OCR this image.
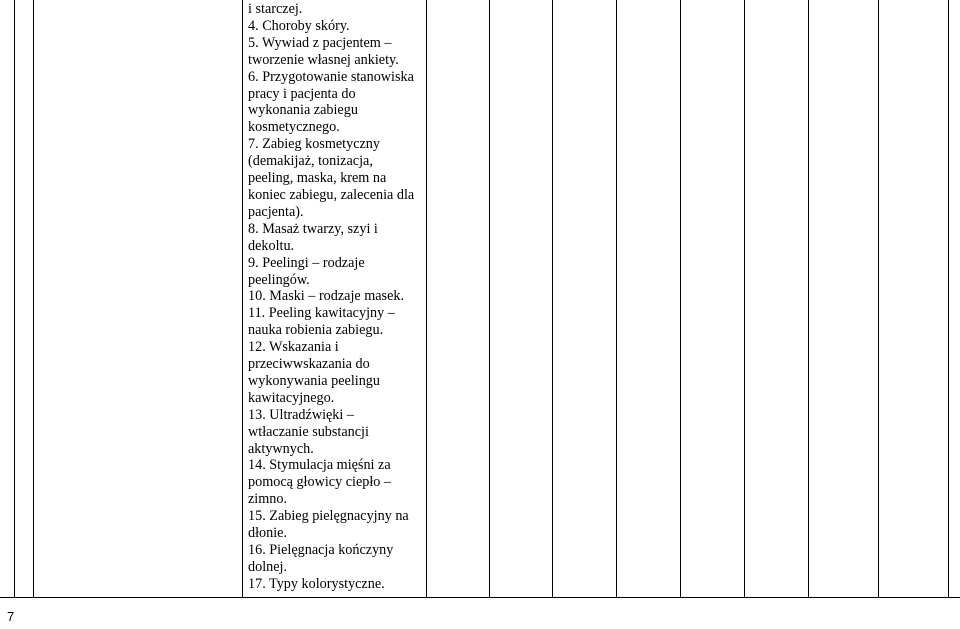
i starczej.
4. Choroby skóry.
5. Wywiad z pacjentem –
tworzenie własnej ankiety.
6. Przygotowanie stanowiska
pracy i pacjenta do
wykonania zabiegu
kosmetycznego.
7. Zabieg kosmetyczny
(demakijaż, tonizacja,
peeling, maska, krem na
koniec zabiegu, zalecenia dla
pacjenta).
8. Masaż twarzy, szyi i
dekoltu.
9. Peelingi – rodzaje
peelingów.
10. Maski – rodzaje masek.
11. Peeling kawitacyjny –
nauka robienia zabiegu.
12. Wskazania i
przeciwwskazania do
wykonywania peelingu
kawitacyjnego.
13. Ultradźwięki –
wtłaczanie substancji
aktywnych.
14. Stymulacja mięśni za
pomocą głowicy ciepło –
zimno.
15. Zabieg pielęgnacyjny na
dłonie.
16. Pielęgnacja kończyny
dolnej.
17. Typy kolorystyczne.
7
